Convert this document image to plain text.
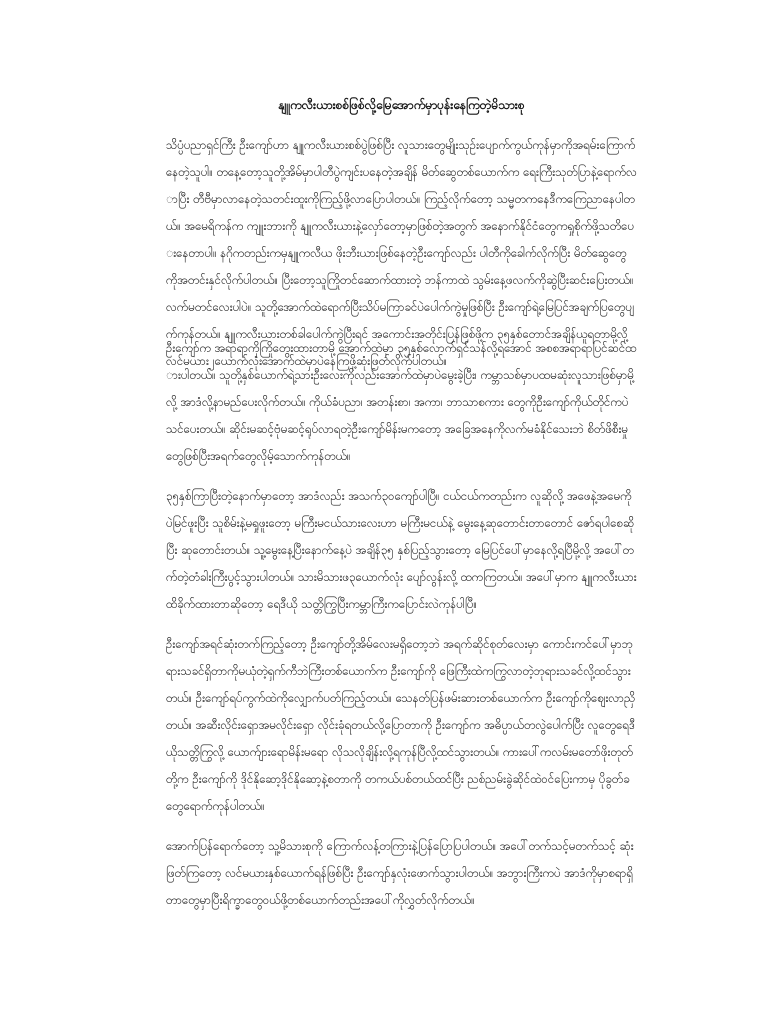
နျူကလီးယားစစ်ဖြစ်လို့မြေအောက်မှာပုန်းနေကြတဲ့မိသားစု

သိပ္ပံပညာရှင်ကြီး ဦးကျော်ဟာ နျူကလီးယားစစ်ပွဲဖြစ်ပြီး လူသားတွေမျိုးသုဉ်းပျောက်ကွယ်ကုန်မှာကိုအရမ်းကြောက်နေတဲ့သူပါ။ တနေ့တော့သူတို့အိမ်မှာပါတီပွဲကျင်းပနေတဲ့အချိန် မိတ်ဆွေတစ်ယောက်က ရေးကြီးသုတ်ပြာနဲ့ရောက်လာပြီး တီဗီမှာလာနေတဲ့သတင်းထူးကိုကြည့်ဖို့လာပြောပါတယ်။ ကြည့်လိုက်တော့ သမ္မတကနေဒီကကြေညာနေပါတယ်။ အမေရိကန်က ကျူးဘားကို နျူကလီးယားနဲ့လှော်တော့မှာဖြစ်တဲ့အတွက် အနောက်နိုင်ငံတွေကရှုစိုက်ဖို့သတိပေးနေတာပါ။ နဂိုကတည်းကမှနျူကလီယ ဖိုးဘီးယားဖြစ်နေတဲ့ဦးကျော်လည်း ပါတီကိုခေါက်လိုက်ပြီး မိတ်ဆွေတွေကိုအတင်းနှင်လိုက်ပါတယ်။ ပြီးတော့သူကြိုတင်ဆောက်ထားတဲ့ ဘန်ကာထဲ သွမ်းနေ့ဖလက်ကိုဆွဲပြီးဆင်းပြေးတယ်။ လက်မတင်လေးပါပဲ။ သူတို့အောက်ထဲရောက်ပြီးသိပ်မကြာခင်ပဲပေါက်ကွဲမှုဖြစ်ပြီး ဦးကျော်ရဲ့မြေပြင်အချက်ပြတွေပျက်ကုန်တယ်။ နျူကလီးယားတစ်ခါပေါက်ကွဲပြီးရင် အကောင်းအတိုင်းပြန်ဖြစ်ဖို့က ၃၅နှစ်တောင်အချိန်ယူရတာမို့လို့ လင်မယား၂ယောက်လုံးအောက်ထဲမှာပဲနေကြဖို့ဆုံးဖြတ်လိုက်ပါတယ်။

ဦးကျော်က အရာရာကိုကြိုတွေးထားတာမို့ အောက်ထဲမှာ ၃၅နှစ်လောက်ရှင်သန်လို့ရအောင် အစစအရာရာပြင်ဆင်ထားပါတယ်။ သူတို့နှစ်ယောက်ရဲ့သားဦးလေးကိုလည်းအောက်ထဲမှာပဲမွေးခဲ့ပြီး၊ ကမ္ဘာသစ်မှာပထမဆုံးလူသားဖြစ်မှာမို့လို့ အာဒံလို့နာမည်ပေးလိုက်တယ်။ ကိုယ်ခံပညာ၊ အတန်းစာ၊ အကာ၊ ဘာသာစကား တွေကိုဦးကျော်ကိုယ်တိုင်ကပဲသင်ပေးတယ်။ ဆိုင်းမဆင့်ဗုံမဆင့်ရုပ်လာရတဲ့ဦးကျော်မိန်းမကတော့ အခြေအနေကိုလက်မခံနိုင်သေးဘဲ စိတ်ဖိစီးမှုတွေဖြစ်ပြီးအရက်တွေလိုမ့်သောက်ကုန်တယ်။

၃၅နှစ်ကြာပြီးတဲ့နောက်မှာတော့ အာဒံလည်း အသက်၃၀ကျော်ပါပြီ။ ငယ်ငယ်ကတည်းက လူဆိုလို့ အဖေနဲ့အမေကိုပဲမြင်ဖူးပြီး သူစိမ်းနဲ့မရှုဖူးတော့ မကြီးမငယ်သားလေးဟာ မကြီးမငယ်နဲ့ မွေးနေ့ဆုတောင်းတာတောင် ဇော်ရပါစေဆိုပြီး ဆုတောင်းတယ်။ သူ့မွေးနေ့ပြီးနောက်နေ့ပဲ အချိန်၃၅ နှစ်ပြည့်သွားတော့ မြေပြင်ပေါ်မှာနေလို့ရပြီမို့လို့ အပေါ်တက်တဲ့တံခါးကြီးပွင့်သွားပါတယ်။ သားမိသားဖ၃ယောက်လုံး ပျော်လွန်းလို့ ထကကြတယ်။ အပေါ်မှာက နျူကလီးယားထိခိုက်ထားတာဆိုတော့ ရေဒီယို သတ္တိကြွပြီးကမ္ဘာကြီးကပြောင်းလဲကုန်ပါပြီ။

ဦးကျော်အရင်ဆုံးတက်ကြည့်တော့ ဦးကျော်တို့အိမ်လေးမရှိတော့ဘဲ အရက်ဆိုင်စုတ်လေးမှာ ကောင်းကင်ပေါ်မှာဘုရားသခင်ရှိတာကိုမယုံတဲ့ရှက်ကီဘဲကြီးတစ်ယောက်က ဦးကျော်ကို ဖြေကြီးထဲကကြွလာတဲ့ဘုရားသခင်လို့ထင်သွားတယ်။ ဦးကျော်ရပ်ကွက်ထဲကိုလျှောက်ပတ်ကြည့်တယ်။ သေနတ်ပြန်ဖမ်းဆားတစ်ယောက်က ဦးကျော်ကိုဈေးလာညှိတယ်။ အဆီးလိုင်းရှောအမလိုင်းရှော လိုင်းခုံရတယ်လို့ပြောတာကို ဦးကျော်က အဓိပ္ပာယ်တလွဲပေါက်ပြီး လူတွေရေဒီယိုသတ္တိကြွလို့ ယောက်ျားရောမိန်းမရော လိုသလိုချိန်းလို့ရကုန်ပြီလို့ထင်သွားတယ်။ ကားပေါ်ကလမ်းမတော်ဖိုးတုတ်တို့က ဦးကျော်ကို ဒိုင်နိုဆော့ဒိုင်နိုဆော့နဲ့စတာကို တကယ်ပစ်တယ်ထင်ပြီး ညစ်ညမ်းခွဲဆိုင်ထဲဝင်ပြေးကာမှ ပိုခွတ်ခတွေရောက်ကုန်ပါတယ်။

အောက်ပြန်ရောက်တော့ သူ့မိသားစုကို ကြောက်လန့်တကြားနဲ့ပြန်ပြောပြပါတယ်။ အပေါ်တက်သင့်မတက်သင့် ဆုံးဖြတ်ကြတော့ လင်မယားနှစ်ယောက်ရန်ဖြစ်ပြီး ဦးကျော်နှလုံးဖောက်သွားပါတယ်။ အဘွားကြီးကပဲ အာဒံကိုမှာစရာရှိတာတွေမှာပြီးရိက္ခာတွေဝယ်ဖို့တစ်ယောက်တည်းအပေါ်ကိုလွှတ်လိုက်တယ်။
